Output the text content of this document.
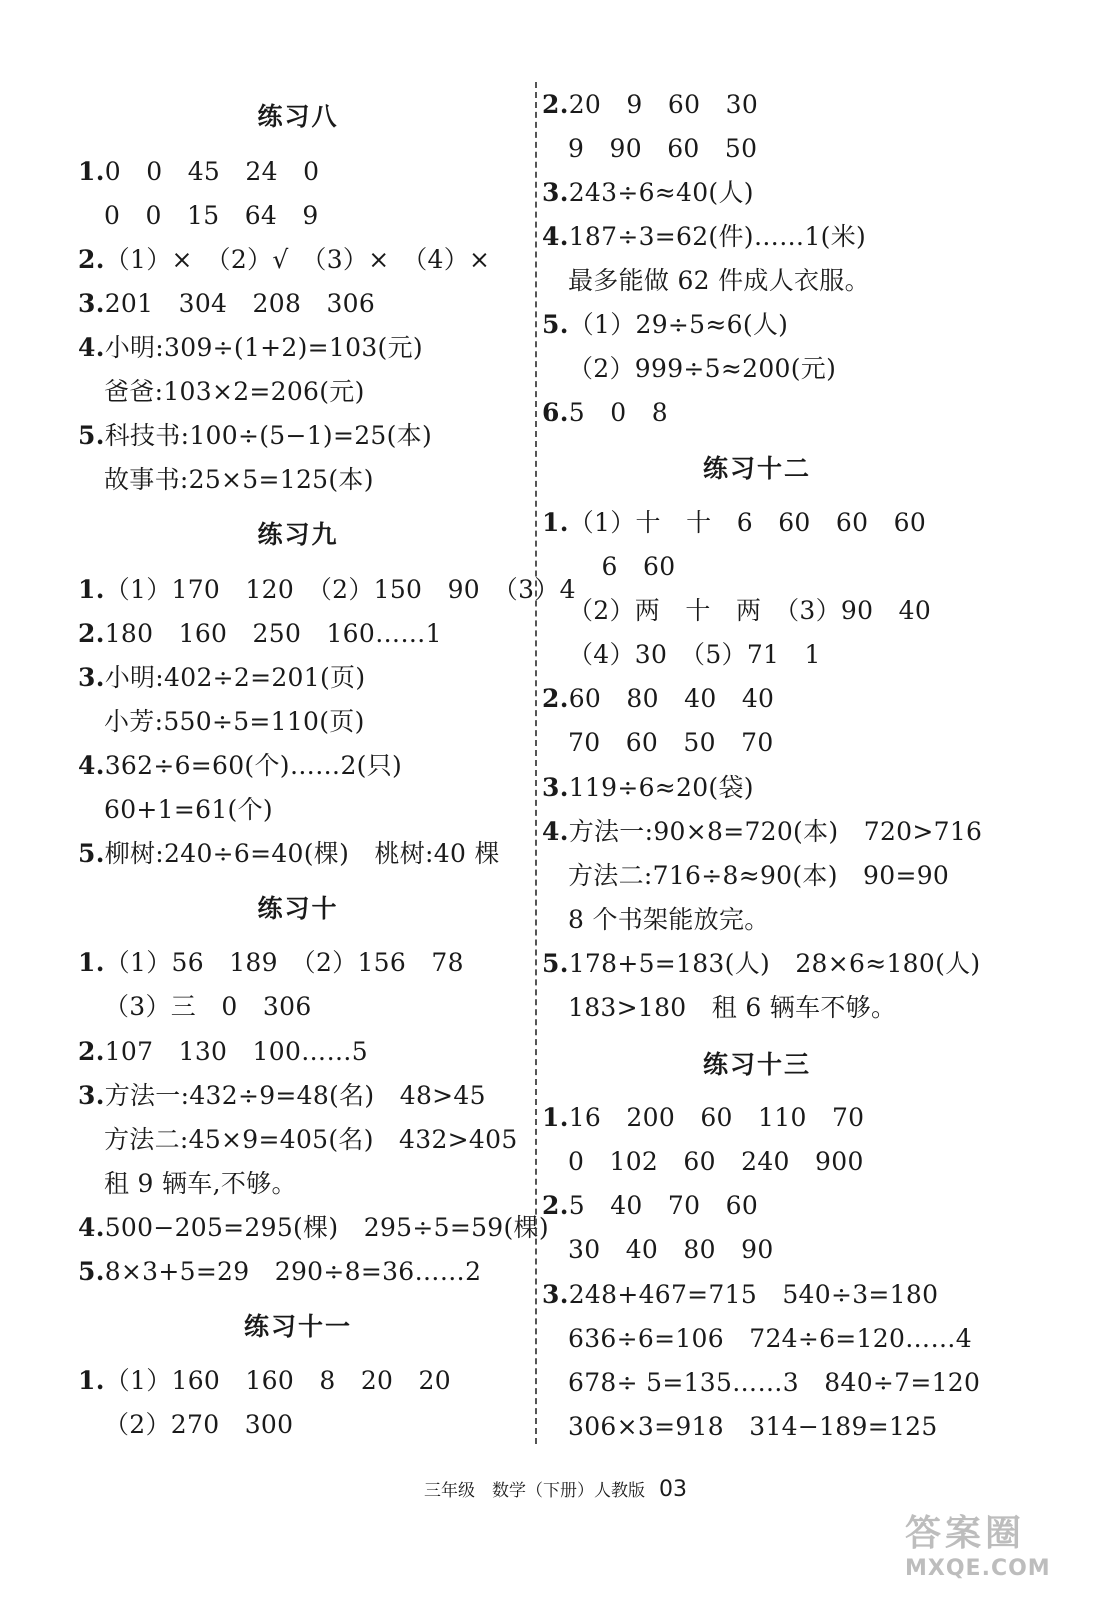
练习八
1.0　0　45　24　0
0　0　15　64　9
2.（1）×　（2）√　（3）×　（4）×
3.201　304　208　306
4.小明:309÷(1+2)=103(元)
爸爸:103×2=206(元)
5.科技书:100÷(5−1)=25(本)
故事书:25×5=125(本)
练习九
1.（1）170　120　（2）150　90　（3）4
2.180　160　250　160……1
3.小明:402÷2=201(页)
小芳:550÷5=110(页)
4.362÷6=60(个)……2(只)
60+1=61(个)
5.柳树:240÷6=40(棵)　桃树:40 棵
练习十
1.（1）56　189　（2）156　78
（3）三　0　306
2.107　130　100……5
3.方法一:432÷9=48(名)　48>45
方法二:45×9=405(名)　432>405
租 9 辆车,不够。
4.500−205=295(棵)　295÷5=59(棵)
5.8×3+5=29　290÷8=36……2
练习十一
1.（1）160　160　8　20　20
（2）270　300
2.20　9　60　30
9　90　60　50
3.243÷6≈40(人)
4.187÷3=62(件)……1(米)
最多能做 62 件成人衣服。
5.（1）29÷5≈6(人)
（2）999÷5≈200(元)
6.5　0　8
练习十二
1.（1）十　十　6　60　60　60
　 6　60
（2）两　十　两　（3）90　40
（4）30　（5）71　1
2.60　80　40　40
70　60　50　70
3.119÷6≈20(袋)
4.方法一:90×8=720(本)　720>716
方法二:716÷8≈90(本)　90=90
8 个书架能放完。
5.178+5=183(人)　28×6≈180(人)
183>180　租 6 辆车不够。
练习十三
1.16　200　60　110　70
0　102　60　240　900
2.5　40　70　60
30　40　80　90
3.248+467=715　540÷3=180
636÷6=106　724÷6=120……4
678÷ 5=135……3　840÷7=120
306×3=918　314−189=125
三年级　数学（下册）人教版 03
答案圈
MXQE.COM
